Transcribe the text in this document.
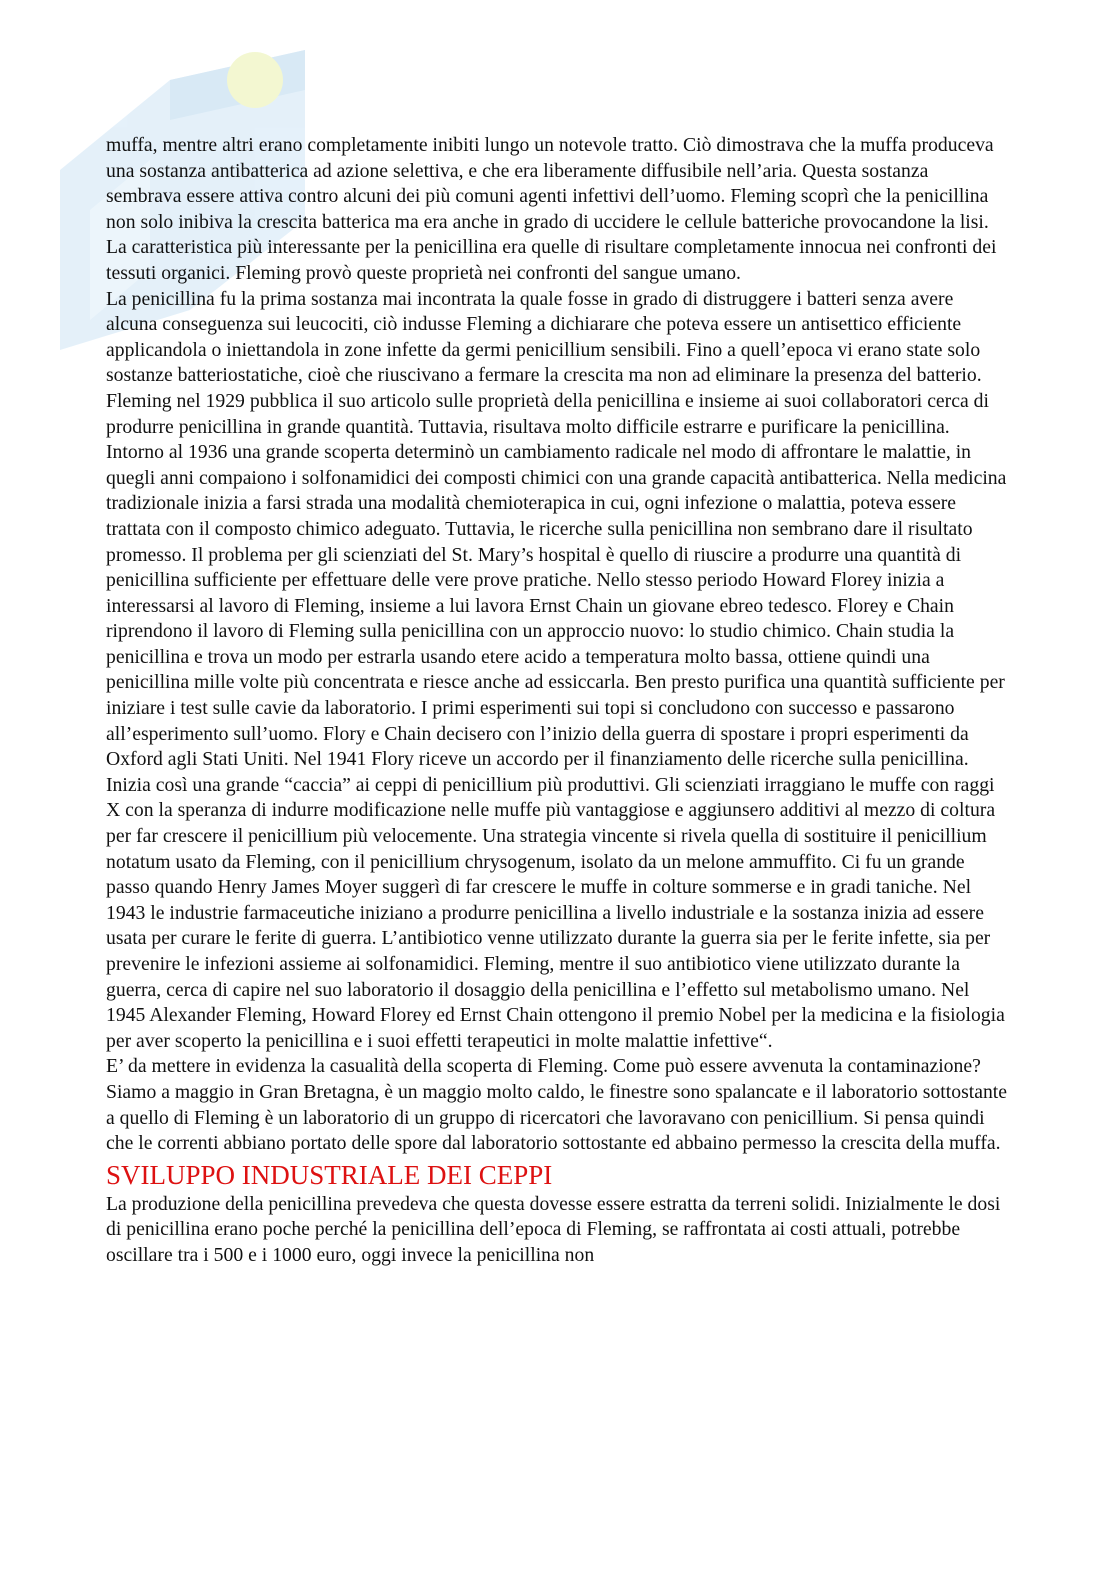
muffa, mentre altri erano completamente inibiti lungo un notevole tratto. Ciò dimostrava che la muffa produceva una sostanza antibatterica ad azione selettiva, e che era liberamente diffusibile nell’aria. Questa sostanza sembrava essere attiva contro alcuni dei più comuni agenti infettivi dell’uomo. Fleming scoprì che la penicillina non solo inibiva la crescita batterica ma era anche in grado di uccidere le cellule batteriche provocandone la lisi. La caratteristica più interessante per la penicillina era quelle di risultare completamente innocua nei confronti dei tessuti organici. Fleming provò queste proprietà nei confronti del sangue umano.

La penicillina fu la prima sostanza mai incontrata la quale fosse in grado di distruggere i batteri senza avere alcuna conseguenza sui leucociti, ciò indusse Fleming a dichiarare che poteva essere un antisettico efficiente applicandola o iniettandola in zone infette da germi penicillium sensibili. Fino a quell’epoca vi erano state solo sostanze batteriostatiche, cioè che riuscivano a fermare la crescita ma non ad eliminare la presenza del batterio. Fleming nel 1929 pubblica il suo articolo sulle proprietà della penicillina e insieme ai suoi collaboratori cerca di produrre penicillina in grande quantità. Tuttavia, risultava molto difficile estrarre e purificare la penicillina.

Intorno al 1936 una grande scoperta determinò un cambiamento radicale nel modo di affrontare le malattie, in quegli anni compaiono i solfonamidici dei composti chimici con una grande capacità antibatterica. Nella medicina tradizionale inizia a farsi strada una modalità chemioterapica in cui, ogni infezione o malattia, poteva essere trattata con il composto chimico adeguato. Tuttavia, le ricerche sulla penicillina non sembrano dare il risultato promesso. Il problema per gli scienziati del St. Mary’s hospital è quello di riuscire a produrre una quantità di penicillina sufficiente per effettuare delle vere prove pratiche. Nello stesso periodo Howard Florey inizia a interessarsi al lavoro di Fleming, insieme a lui lavora Ernst Chain un giovane ebreo tedesco. Florey e Chain riprendono il lavoro di Fleming sulla penicillina con un approccio nuovo: lo studio chimico. Chain studia la penicillina e trova un modo per estrarla usando etere acido a temperatura molto bassa, ottiene quindi una penicillina mille volte più concentrata e riesce anche ad essiccarla. Ben presto purifica una quantità sufficiente per iniziare i test sulle cavie da laboratorio. I primi esperimenti sui topi si concludono con successo e passarono all’esperimento sull’uomo. Flory e Chain decisero con l’inizio della guerra di spostare i propri esperimenti da Oxford agli Stati Uniti. Nel 1941 Flory riceve un accordo per il finanziamento delle ricerche sulla penicillina. Inizia così una grande “caccia” ai ceppi di penicillium più produttivi. Gli scienziati irraggiano le muffe con raggi X con la speranza di indurre modificazione nelle muffe più vantaggiose e aggiunsero additivi al mezzo di coltura per far crescere il penicillium più velocemente. Una strategia vincente si rivela quella di sostituire il penicillium notatum usato da Fleming, con il penicillium chrysogenum, isolato da un melone ammuffito. Ci fu un grande passo quando Henry James Moyer suggerì di far crescere le muffe in colture sommerse e in gradi taniche. Nel 1943 le industrie farmaceutiche iniziano a produrre penicillina a livello industriale e la sostanza inizia ad essere usata per curare le ferite di guerra. L’antibiotico venne utilizzato durante la guerra sia per le ferite infette, sia per prevenire le infezioni assieme ai solfonamidici. Fleming, mentre il suo antibiotico viene utilizzato durante la guerra, cerca di capire nel suo laboratorio il dosaggio della penicillina e l’effetto sul metabolismo umano. Nel 1945 Alexander Fleming, Howard Florey ed Ernst Chain ottengono il premio Nobel per la medicina e la fisiologia per aver scoperto la penicillina e i suoi effetti terapeutici in molte malattie infettive“.

E’ da mettere in evidenza la casualità della scoperta di Fleming. Come può essere avvenuta la contaminazione? Siamo a maggio in Gran Bretagna, è un maggio molto caldo, le finestre sono spalancate e il laboratorio sottostante a quello di Fleming è un laboratorio di un gruppo di ricercatori che lavoravano con penicillium. Si pensa quindi che le correnti abbiano portato delle spore dal laboratorio sottostante ed abbaino permesso la crescita della muffa.

SVILUPPO INDUSTRIALE DEI CEPPI

La produzione della penicillina prevedeva che questa dovesse essere estratta da terreni solidi. Inizialmente le dosi di penicillina erano poche perché la penicillina dell’epoca di Fleming, se raffrontata ai costi attuali, potrebbe oscillare tra i 500 e i 1000 euro, oggi invece la penicillina non
